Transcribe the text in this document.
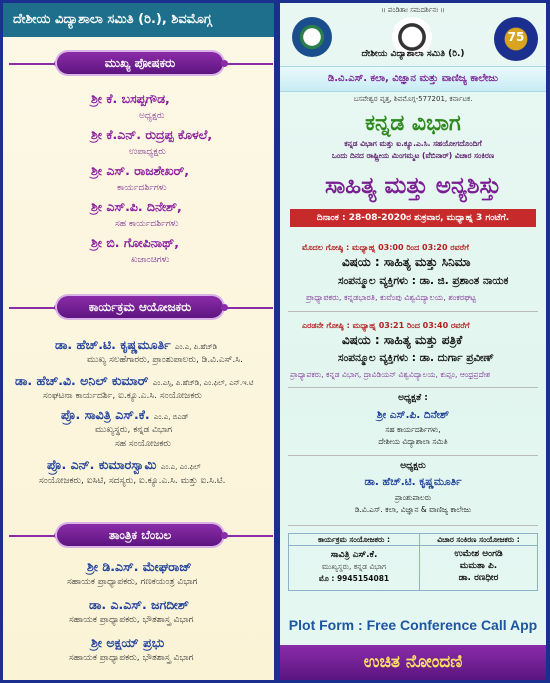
ದೇಶೀಯ ವಿದ್ಯಾಶಾಲಾ ಸಮಿತಿ (ರಿ.), ಶಿವಮೊಗ್ಗ
ಮುಖ್ಯ ಪೋಷಕರು
ಶ್ರೀ ಕೆ. ಬಸಪ್ಪಗೌಡ,
ಅಧ್ಯಕ್ಷರು
ಶ್ರೀ ಕೆ.ಎನ್. ರುದ್ರಪ್ಪ ಕೊಳಲೆ,
ಉಪಾಧ್ಯಕ್ಷರು
ಶ್ರೀ ಎಸ್. ರಾಜಶೇಖರ್,
ಕಾರ್ಯದರ್ಶಿಗಳು
ಶ್ರೀ ಎಸ್.ಪಿ. ದಿನೇಶ್,
ಸಹ ಕಾರ್ಯದರ್ಶಿಗಳು
ಶ್ರೀ ಬಿ. ಗೋಪಿನಾಥ್,
ಖಜಾಂಚಿಗಳು
ಕಾರ್ಯಕ್ರಮ ಆಯೋಜಕರು
ಡಾ. ಹೆಚ್.ಟಿ. ಕೃಷ್ಣಮೂರ್ತಿ ಎಂ.ಎ, ಪಿ.ಹೆಚ್‌ಡಿ
ಮುಖ್ಯ ಸಲಹೆಗಾರರು, ಪ್ರಾಂಶುಪಾಲರು, ಡಿ.ವಿ.ಎಸ್.ಸಿ.
ಡಾ. ಹೆಚ್.ವಿ. ಅನಿಲ್ ಕುಮಾರ್ ಎಂ.ಎಸ್ಸಿ, ಪಿ.ಹೆಚ್‌ಡಿ, ಎಂ.ಫಿಲ್, ಎನ್.ಇ.ಟಿ
ಸಂಘಟನಾ ಕಾರ್ಯದರ್ಶಿ, ಐ.ಕ್ಯೂ.ಎ.ಸಿ. ಸಂಯೋಜಕರು
ಪ್ರೊ. ಸಾವಿತ್ರಿ ಎಸ್.ಕೆ. ಎಂ.ಎ, ಬಿಎಡ್
ಮುಖ್ಯಸ್ಥರು, ಕನ್ನಡ ವಿಭಾಗ
ಸಹ ಸಂಯೋಜಕರು
ಪ್ರೊ. ಎನ್. ಕುಮಾರಸ್ವಾಮಿ ಎಂ.ಎ, ಎಂ.ಫಿಲ್
ಸಂಯೋಜಕರು, ಐಸಿಟಿ, ಸದಸ್ಯರು, ಐ.ಕ್ಯೂ.ಎ.ಸಿ. ಮತ್ತು ಐ.ಸಿ.ಟಿ.
ತಾಂತ್ರಿಕ ಬೆಂಬಲ
ಶ್ರೀ ಡಿ.ಎಸ್. ಮೇಘರಾಜ್
ಸಹಾಯಕ ಪ್ರಾಧ್ಯಾಪಕರು, ಗಣಕಯಂತ್ರ ವಿಭಾಗ
ಡಾ. ಎ.ಎಸ್. ಜಗದೀಶ್
ಸಹಾಯಕ ಪ್ರಾಧ್ಯಾಪಕರು, ಭೌತಶಾಸ್ತ್ರ ವಿಭಾಗ
ಶ್ರೀ ಅಕ್ಷಯ್ ಪ್ರಭು
ಸಹಾಯಕ ಪ್ರಾಧ್ಯಾಪಕರು, ಭೌತಶಾಸ್ತ್ರ ವಿಭಾಗ
॥ ಪಂಡಿತಾಃ ಸಮದರ್ಶಿನಃ ॥
75
ದೇಶೀಯ ವಿದ್ಯಾಶಾಲಾ ಸಮಿತಿ (ರಿ.)
ಡಿ.ವಿ.ಎಸ್. ಕಲಾ, ವಿಜ್ಞಾನ ಮತ್ತು ವಾಣಿಜ್ಯ ಕಾಲೇಜು
ಬಸವೇಶ್ವರ ವೃತ್ತ, ಶಿವಮೊಗ್ಗ-577201, ಕರ್ನಾಟಕ.
ಕನ್ನಡ ವಿಭಾಗ
ಕನ್ನಡ ವಿಭಾಗ ಮತ್ತು ಐ.ಕ್ಯೂ.ಎ.ಸಿ. ಸಹಯೋಗದೊಂದಿಗೆ
ಒಂದು ದಿನದ ರಾಷ್ಟ್ರೀಯ ಮಿಂಗಮ್ಮಟ (ವೆಬಿನಾರ್) ವಿಚಾರ ಸಂಕಿರಣ
ಸಾಹಿತ್ಯ ಮತ್ತು ಅನ್ಯಶಿಸ್ತು
ದಿನಾಂಕ : 28-08-2020ರ ಶುಕ್ರವಾರ, ಮಧ್ಯಾಹ್ನ 3 ಗಂಟೆಗೆ.
ಮೊದಲ ಗೋಷ್ಠಿ : ಮಧ್ಯಾಹ್ನ 03:00 ರಿಂದ 03:20 ರವರೆಗೆ
ವಿಷಯ : ಸಾಹಿತ್ಯ ಮತ್ತು ಸಿನಿಮಾ
ಸಂಪನ್ಮೂಲ ವ್ಯಕ್ತಿಗಳು : ಡಾ. ಜಿ. ಪ್ರಶಾಂತ ನಾಯಕ
ಪ್ರಾಧ್ಯಾಪಕರು, ಕನ್ನಡಭಾರತಿ, ಕುವೆಂಪು ವಿಶ್ವವಿದ್ಯಾಲಯ, ಶಂಕರಘಟ್ಟ
ಎರಡನೇ ಗೋಷ್ಠಿ : ಮಧ್ಯಾಹ್ನ 03:21 ರಿಂದ 03:40 ರವರೆಗೆ
ವಿಷಯ : ಸಾಹಿತ್ಯ ಮತ್ತು ಪತ್ರಿಕೆ
ಸಂಪನ್ಮೂಲ ವ್ಯಕ್ತಿಗಳು : ಡಾ. ದುರ್ಗಾ ಪ್ರವೀಣ್
ಪ್ರಾಧ್ಯಾಪಕರು, ಕನ್ನಡ ವಿಭಾಗ, ದ್ರಾವಿಡಿಯನ್ ವಿಶ್ವವಿದ್ಯಾಲಯ, ಕುಪ್ಪಂ, ಆಂಧ್ರಪ್ರದೇಶ
ಅಧ್ಯಕ್ಷತೆ :
ಶ್ರೀ ಎಸ್.ಪಿ. ದಿನೇಶ್
ಸಹ ಕಾರ್ಯದರ್ಶಿಗಳು,
ದೇಶೀಯ ವಿದ್ಯಾಶಾಲಾ ಸಮಿತಿ
ಅಧ್ಯಕ್ಷರು
ಡಾ. ಹೆಚ್.ಟಿ. ಕೃಷ್ಣಮೂರ್ತಿ
ಪ್ರಾಂಶುಪಾಲರು
ಡಿ.ವಿ.ಎಸ್. ಕಲಾ, ವಿಜ್ಞಾನ & ವಾಣಿಜ್ಯ ಕಾಲೇಜು
ಕಾರ್ಯಕ್ರಮ ಸಂಯೋಜಕರು :
ಸಾವಿತ್ರಿ ಎಸ್.ಕೆ.
ಮುಖ್ಯಸ್ಥರು, ಕನ್ನಡ ವಿಭಾಗ
ಮೊ : 9945154081
ವಿಚಾರ ಸಂಕಿರಣ ಸಂಯೋಜಕರು :
ಉಮೇಶ ಅಂಗಡಿ
ಮಮತಾ ಪಿ.
ಡಾ. ರಣಧೀರ
Plot Form : Free Conference Call App
ಉಚಿತ ನೋಂದಣಿ
